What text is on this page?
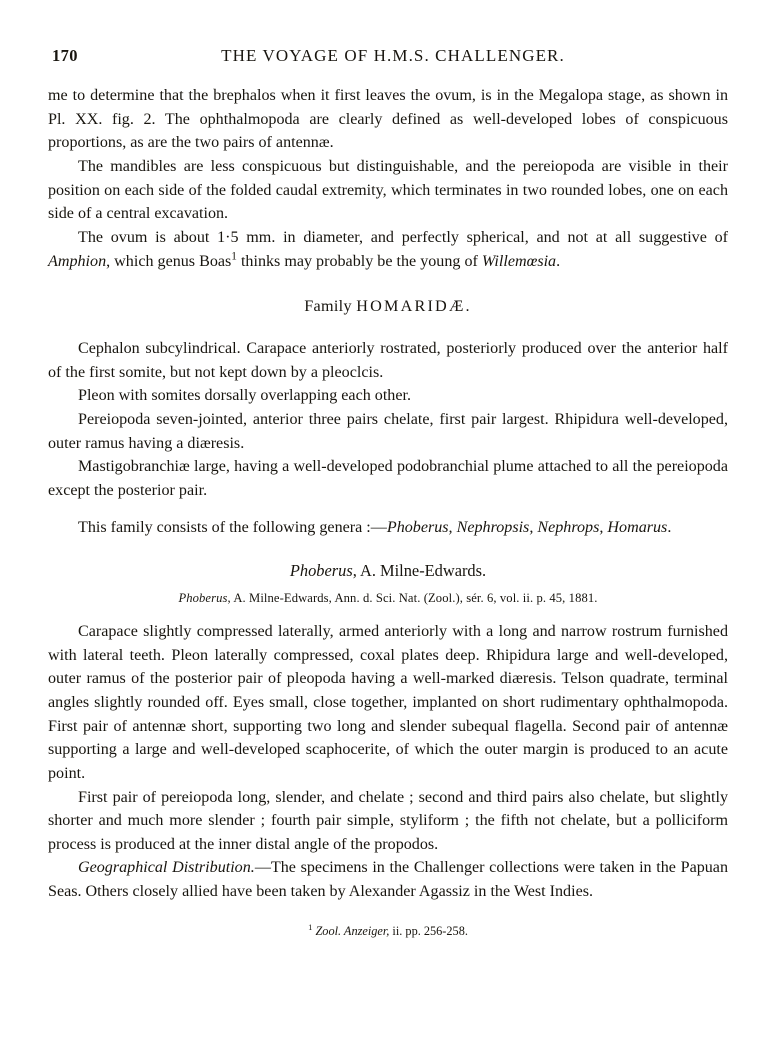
170	THE VOYAGE OF H.M.S. CHALLENGER.

me to determine that the brephalos when it first leaves the ovum, is in the Megalopa stage, as shown in Pl. XX. fig. 2. The ophthalmopoda are clearly defined as well-developed lobes of conspicuous proportions, as are the two pairs of antennæ.

The mandibles are less conspicuous but distinguishable, and the pereiopoda are visible in their position on each side of the folded caudal extremity, which terminates in two rounded lobes, one on each side of a central excavation.

The ovum is about 1·5 mm. in diameter, and perfectly spherical, and not at all suggestive of Amphion, which genus Boas$^1$ thinks may probably be the young of Willemœsia.

Family HOMARIDÆ.

Cephalon subcylindrical. Carapace anteriorly rostrated, posteriorly produced over the anterior half of the first somite, but not kept down by a pleoclcis.

Pleon with somites dorsally overlapping each other.

Pereiopoda seven-jointed, anterior three pairs chelate, first pair largest. Rhipidura well-developed, outer ramus having a diæresis.

Mastigobranchiæ large, having a well-developed podobranchial plume attached to all the pereiopoda except the posterior pair.

This family consists of the following genera :—Phoberus, Nephropsis, Nephrops, Homarus.

Phoberus, A. Milne-Edwards.
Phoberus, A. Milne-Edwards, Ann. d. Sci. Nat. (Zool.), sér. 6, vol. ii. p. 45, 1881.

Carapace slightly compressed laterally, armed anteriorly with a long and narrow rostrum furnished with lateral teeth. Pleon laterally compressed, coxal plates deep. Rhipidura large and well-developed, outer ramus of the posterior pair of pleopoda having a well-marked diæresis. Telson quadrate, terminal angles slightly rounded off. Eyes small, close together, implanted on short rudimentary ophthalmopoda. First pair of antennæ short, supporting two long and slender subequal flagella. Second pair of antennæ supporting a large and well-developed scaphocerite, of which the outer margin is produced to an acute point.

First pair of pereiopoda long, slender, and chelate ; second and third pairs also chelate, but slightly shorter and much more slender ; fourth pair simple, styliform ; the fifth not chelate, but a polliciform process is produced at the inner distal angle of the propodos.

Geographical Distribution.—The specimens in the Challenger collections were taken in the Papuan Seas. Others closely allied have been taken by Alexander Agassiz in the West Indies.

$^1$ Zool. Anzeiger, ii. pp. 256-258.
